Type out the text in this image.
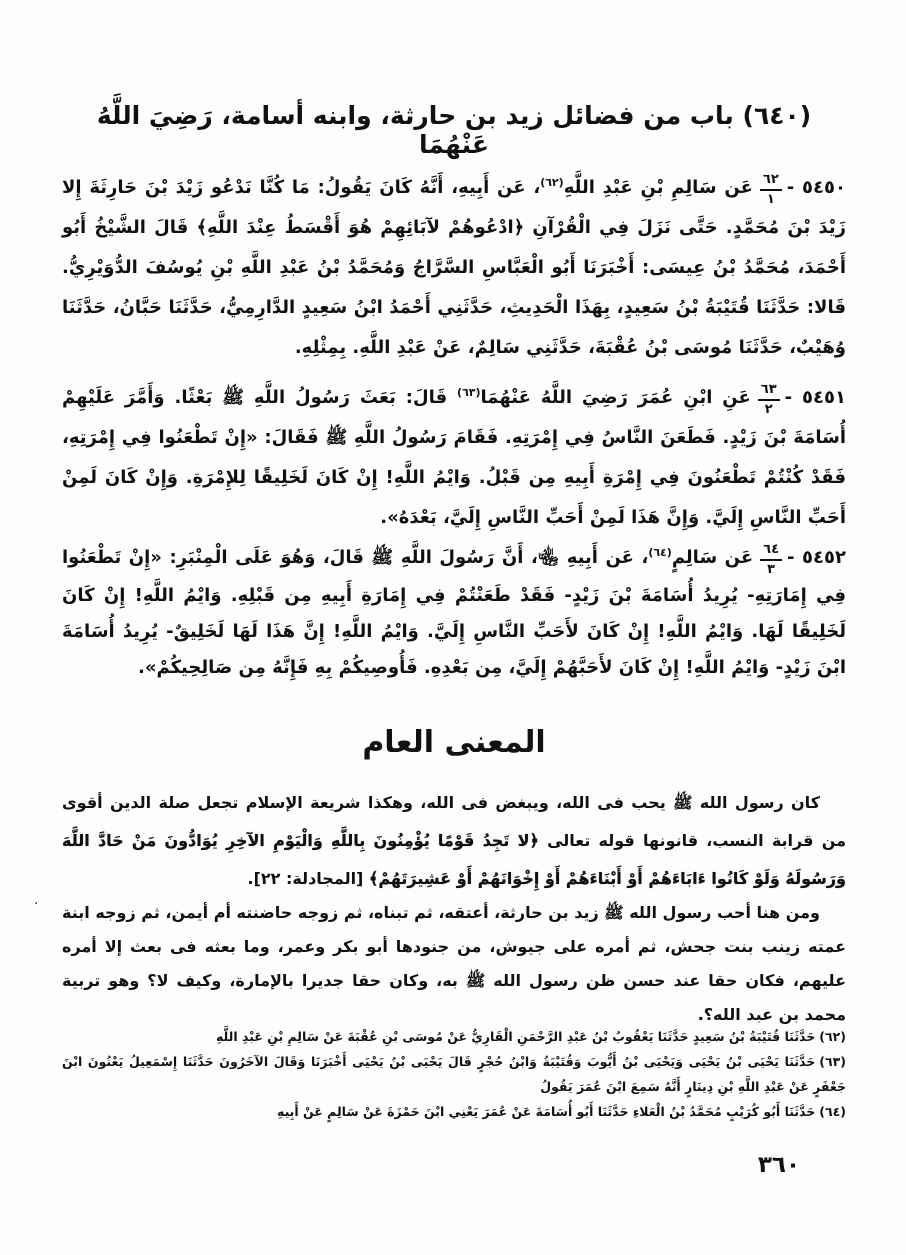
(٦٤٠) باب من فضائل زيد بن حارثة، وابنه أسامة، رَضِيَ اللَّهُ عَنْهُمَا

٥٤٥٠ -
٦٢
١
عَن سَالِمِ بْنِ عَبْدِ اللَّهِ$^{(٦٢)}$، عَن أَبِيهِ، أَنَّهُ كَانَ يَقُولُ: مَا كُنَّا نَدْعُو زَيْدَ بْنَ حَارِثَةَ إِلا زَيْدَ بْنَ مُحَمَّدٍ. حَتَّى نَزَلَ فِي الْقُرْآنِ ﴿ادْعُوهُمْ لآبَائِهِمْ هُوَ أَقْسَطُ عِنْدَ اللَّهِ﴾ قَالَ الشَّيْخُ أَبُو أَحْمَدَ، مُحَمَّدُ بْنُ عِيسَى: أَخْبَرَنَا أَبُو الْعَبَّاسِ السَّرَّاجُ وَمُحَمَّدُ بْنُ عَبْدِ اللَّهِ بْنِ يُوسُفَ الدُّوَيْرِيُّ. قَالا: حَدَّثَنَا قُتَيْبَةُ بْنُ سَعِيدٍ، بِهَذَا الْحَدِيثِ، حَدَّثَنِي أَحْمَدُ ابْنُ سَعِيدٍ الدَّارِمِيُّ، حَدَّثَنَا حَبَّانُ، حَدَّثَنَا وُهَيْبٌ، حَدَّثَنَا مُوسَى بْنُ عُقْبَةَ، حَدَّثَنِي سَالِمٌ، عَنْ عَبْدِ اللَّهِ. بِمِثْلِهِ.

٥٤٥١ -
٦٣
٢
عَنِ ابْنِ عُمَرَ رَضِيَ اللَّهُ عَنْهُمَا$^{(٦٣)}$ قَالَ: بَعَثَ رَسُولُ اللَّهِ ﷺ بَعْثًا. وَأَمَّرَ عَلَيْهِمْ أُسَامَةَ بْنَ زَيْدٍ. فَطَعَنَ النَّاسُ فِي إِمْرَتِهِ. فَقَامَ رَسُولُ اللَّهِ ﷺ فَقَالَ: «إِنْ تَطْعَنُوا فِي إِمْرَتِهِ، فَقَدْ كُنْتُمْ تَطْعَنُونَ فِي إِمْرَةِ أَبِيهِ مِن قَبْلُ. وَايْمُ اللَّهِ! إِنْ كَانَ لَخَلِيقًا لِلإِمْرَةِ. وَإِنْ كَانَ لَمِنْ أَحَبِّ النَّاسِ إِلَيَّ. وَإِنَّ هَذَا لَمِنْ أَحَبِّ النَّاسِ إِلَيَّ، بَعْدَهُ».

٥٤٥٢ -
٦٤
٣
عَن سَالِمٍ$^{(٦٤)}$، عَن أَبِيهِ ﵄، أَنَّ رَسُولَ اللَّهِ ﷺ قَالَ، وَهُوَ عَلَى الْمِنْبَرِ: «إِنْ تَطْعَنُوا فِي إِمَارَتِهِ- يُرِيدُ أُسَامَةَ بْنَ زَيْدٍ- فَقَدْ طَعَنْتُمْ فِي إِمَارَةِ أَبِيهِ مِن قَبْلِهِ. وَايْمُ اللَّهِ! إِنْ كَانَ لَخَلِيقًا لَهَا. وَايْمُ اللَّهِ! إِنْ كَانَ لأَحَبِّ النَّاسِ إِلَيَّ. وَايْمُ اللَّهِ! إِنَّ هَذَا لَهَا لَخَلِيقٌ- يُرِيدُ أُسَامَةَ ابْنَ زَيْدٍ- وَايْمُ اللَّهِ! إِنْ كَانَ لأَحَبَّهُمْ إِلَيَّ، مِن بَعْدِهِ. فَأُوصِيكُمْ بِهِ فَإِنَّهُ مِن صَالِحِيكُمْ».

المعنى العام

كان رسول الله ﷺ يحب فى الله، ويبغض فى الله، وهكذا شريعة الإسلام تجعل صلة الدين أقوى من قرابة النسب، قانونها قوله تعالى ﴿لا تَجِدُ قَوْمًا يُؤْمِنُونَ بِاللَّهِ وَالْيَوْمِ الآخِرِ يُوَادُّونَ مَنْ حَادَّ اللَّهَ وَرَسُولَهُ وَلَوْ كَانُوا ءَابَاءَهُمْ أَوْ أَبْنَاءَهُمْ أَوْ إِخْوَانَهُمْ أَوْ عَشِيرَتَهُمْ﴾ [المجادلة: ٢٢].

ومن هنا أحب رسول الله ﷺ زيد بن حارثة، أعتقه، ثم تبناه، ثم زوجه حاضنته أم أيمن، ثم زوجه ابنة عمته زينب بنت جحش، ثم أمره على جيوش، من جنودها أبو بكر وعمر، وما بعثه فى بعث إلا أمره عليهم، فكان حقا عند حسن ظن رسول الله ﷺ به، وكان حقا جديرا بالإمارة، وكيف لا؟ وهو تربية محمد بن عبد الله؟.

(٦٢)حَدَّثَنَا قُتَيْبَةُ بْنُ سَعِيدٍ حَدَّثَنَا يَعْقُوبُ بْنُ عَبْدِ الرَّحْمَنِ الْقَارِيُّ عَنْ مُوسَى بْنِ عُقْبَةَ عَنْ سَالِمِ بْنِ عَبْدِ اللَّهِ

(٦٣)حَدَّثَنَا يَحْيَى بْنُ يَحْيَى وَيَحْيَى بْنُ أَيُّوبَ وَقُتَيْبَةُ وَابْنُ حُجْرٍ قَالَ يَحْيَى بْنُ يَحْيَى أَخْبَرَنَا وَقَالَ الآخَرُونَ حَدَّثَنَا إِسْمَعِيلُ يَعْنُونَ ابْنَ جَعْفَرٍ عَنْ عَبْدِ اللَّهِ بْنِ دِينَارٍ أَنَّهُ سَمِعَ ابْنَ عُمَرَ يَقُولُ

(٦٤)حَدَّثَنَا أَبُو كُرَيْبٍ مُحَمَّدُ بْنُ الْعَلاءِ حَدَّثَنَا أَبُو أُسَامَةَ عَنْ عُمَرَ يَعْنِي ابْنَ حَمْزَةَ عَنْ سَالِمٍ عَنْ أَبِيهِ

·
٣٦٠
